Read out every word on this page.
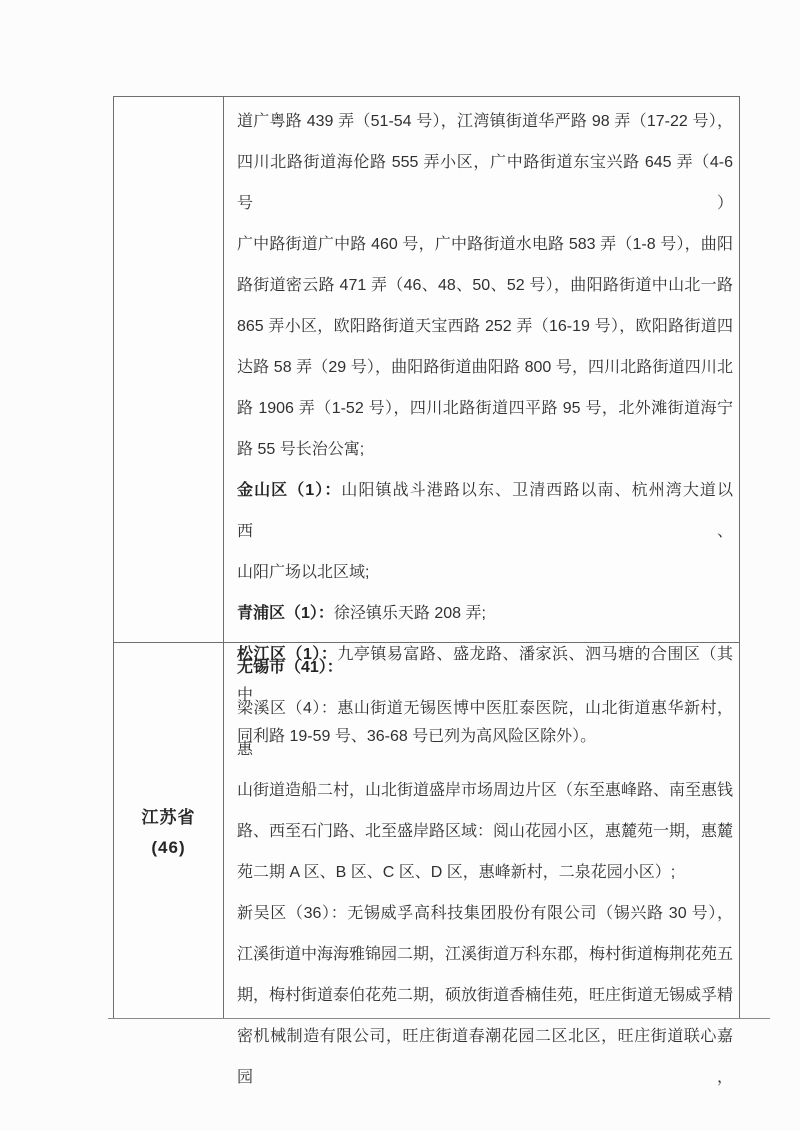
道广粤路 439 弄（51-54 号），江湾镇街道华严路 98 弄（17-22 号），
四川北路街道海伦路 555 弄小区，广中路街道东宝兴路 645 弄（4-6 号）
广中路街道广中路 460 号，广中路街道水电路 583 弄（1-8 号），曲阳
路街道密云路 471 弄（46、48、50、52 号），曲阳路街道中山北一路
865 弄小区，欧阳路街道天宝西路 252 弄（16-19 号），欧阳路街道四
达路 58 弄（29 号），曲阳路街道曲阳路 800 号，四川北路街道四川北
路 1906 弄（1-52 号），四川北路街道四平路 95 号，北外滩街道海宁
路 55 号长治公寓;
金山区（1）：山阳镇战斗港路以东、卫清西路以南、杭州湾大道以西、
山阳广场以北区域;
青浦区（1）：徐泾镇乐天路 208 弄;
松江区（1）：九亭镇易富路、盛龙路、潘家浜、泗马塘的合围区（其中
同利路 19-59 号、36-68 号已列为高风险区除外）。
江苏省
(46)
无锡市（41）：
梁溪区（4）：惠山街道无锡医博中医肛泰医院，山北街道惠华新村，惠
山街道造船二村，山北街道盛岸市场周边片区（东至惠峰路、南至惠钱
路、西至石门路、北至盛岸路区域：阅山花园小区，惠麓苑一期，惠麓
苑二期 A 区、B 区、C 区、D 区，惠峰新村，二泉花园小区）;
新吴区（36）：无锡威孚高科技集团股份有限公司（锡兴路 30 号），
江溪街道中海海雅锦园二期，江溪街道万科东郡，梅村街道梅荆花苑五
期，梅村街道泰伯花苑二期，硕放街道香楠佳苑，旺庄街道无锡威孚精
密机械制造有限公司，旺庄街道春潮花园二区北区，旺庄街道联心嘉园，
